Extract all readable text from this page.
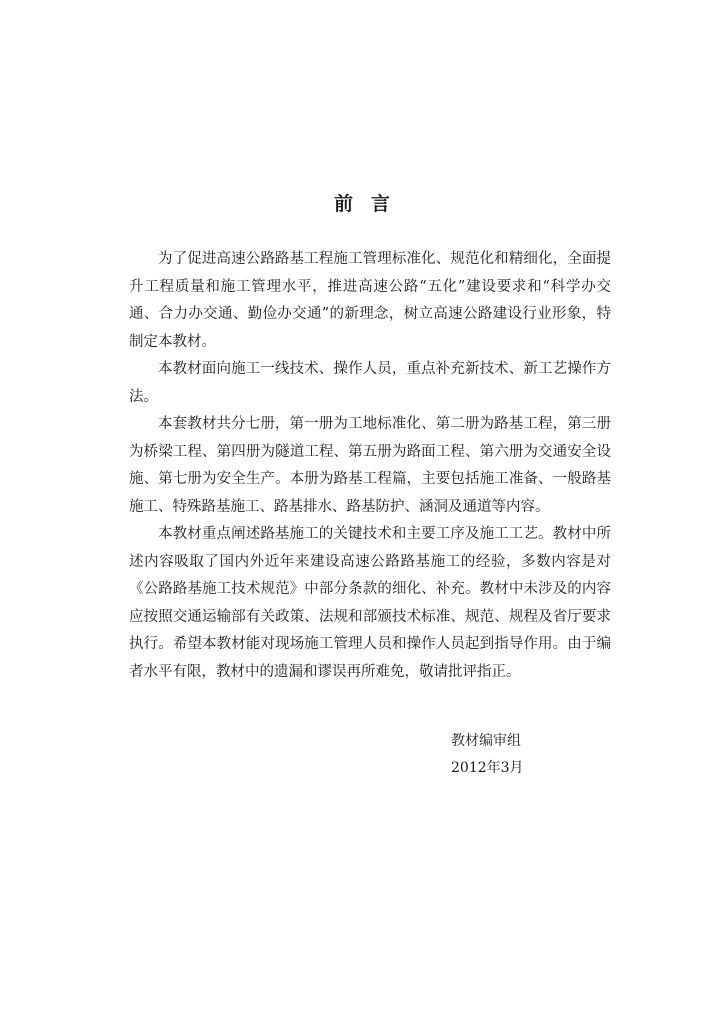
前言

为了促进高速公路路基工程施工管理标准化、规范化和精细化，全面提升工程质量和施工管理水平，推进高速公路“五化”建设要求和“科学办交通、合力办交通、勤俭办交通”的新理念，树立高速公路建设行业形象，特制定本教材。

本教材面向施工一线技术、操作人员，重点补充新技术、新工艺操作方法。

本套教材共分七册，第一册为工地标准化、第二册为路基工程，第三册为桥梁工程、第四册为隧道工程、第五册为路面工程、第六册为交通安全设施、第七册为安全生产。本册为路基工程篇，主要包括施工准备、一般路基施工、特殊路基施工、路基排水、路基防护、涵洞及通道等内容。

本教材重点阐述路基施工的关键技术和主要工序及施工工艺。教材中所述内容吸取了国内外近年来建设高速公路路基施工的经验，多数内容是对《公路路基施工技术规范》中部分条款的细化、补充。教材中未涉及的内容应按照交通运输部有关政策、法规和部颁技术标准、规范、规程及省厅要求执行。希望本教材能对现场施工管理人员和操作人员起到指导作用。由于编者水平有限，教材中的遗漏和谬误再所难免，敬请批评指正。

教材编审组
2012年3月
